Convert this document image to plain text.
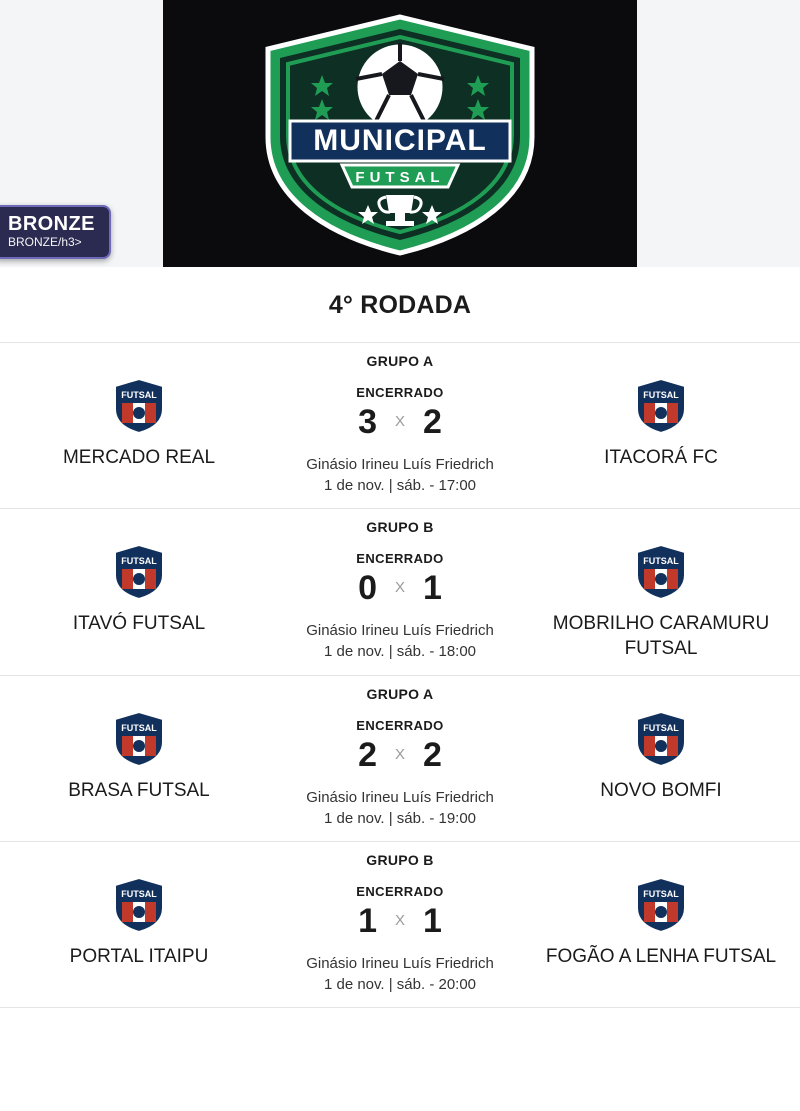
MUNICIPAL
FUTSAL
BRONZE
BRONZE/h3>
4° RODADA
GRUPO A
FUTSAL
MERCADO REAL
ENCERRADO
3 X 2
Ginásio Irineu Luís Friedrich
1 de nov. | sáb. - 17:00
FUTSAL
ITACORÁ FC
GRUPO B
FUTSAL
ITAVÓ FUTSAL
ENCERRADO
0 X 1
Ginásio Irineu Luís Friedrich
1 de nov. | sáb. - 18:00
FUTSAL
MOBRILHO CARAMURU FUTSAL
GRUPO A
FUTSAL
BRASA FUTSAL
ENCERRADO
2 X 2
Ginásio Irineu Luís Friedrich
1 de nov. | sáb. - 19:00
FUTSAL
NOVO BOMFI
GRUPO B
FUTSAL
PORTAL ITAIPU
ENCERRADO
1 X 1
Ginásio Irineu Luís Friedrich
1 de nov. | sáb. - 20:00
FUTSAL
FOGÃO A LENHA FUTSAL
